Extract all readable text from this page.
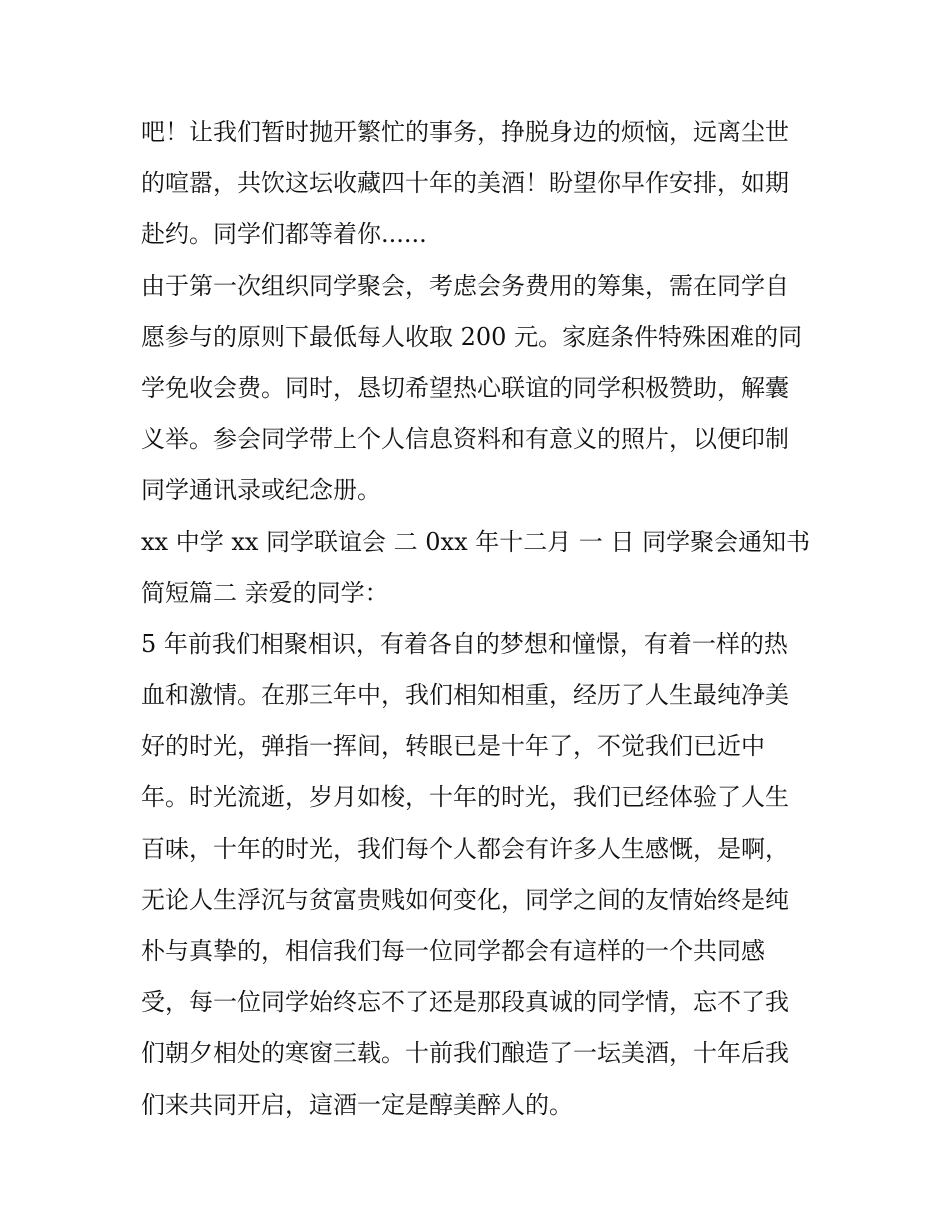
吧！让我们暂时抛开繁忙的事务，挣脱身边的烦恼，远离尘世
的喧嚣，共饮这坛收藏四十年的美酒！盼望你早作安排，如期
赴约。同学们都等着你......
由于第一次组织同学聚会，考虑会务费用的筹集，需在同学自
愿参与的原则下最低每人收取 200 元。家庭条件特殊困难的同
学免收会费。同时，恳切希望热心联谊的同学积极赞助，解囊
义举。参会同学带上个人信息资料和有意义的照片，以便印制
同学通讯录或纪念册。
xx 中学 xx 同学联谊会 二 0xx 年十二月 一 日 同学聚会通知书
简短篇二 亲爱的同学：
5 年前我们相聚相识，有着各自的梦想和憧憬，有着一样的热
血和激情。在那三年中，我们相知相重，经历了人生最纯净美
好的时光，弹指一挥间，转眼已是十年了，不觉我们已近中
年。时光流逝，岁月如梭，十年的时光，我们已经体验了人生
百味，十年的时光，我们每个人都会有许多人生感慨，是啊，
无论人生浮沉与贫富贵贱如何变化，同学之间的友情始终是纯
朴与真挚的，相信我们每一位同学都会有這样的一个共同感
受，每一位同学始终忘不了还是那段真诚的同学情，忘不了我
们朝夕相处的寒窗三载。十前我们酿造了一坛美酒，十年后我
们来共同开启，這酒一定是醇美醉人的。
